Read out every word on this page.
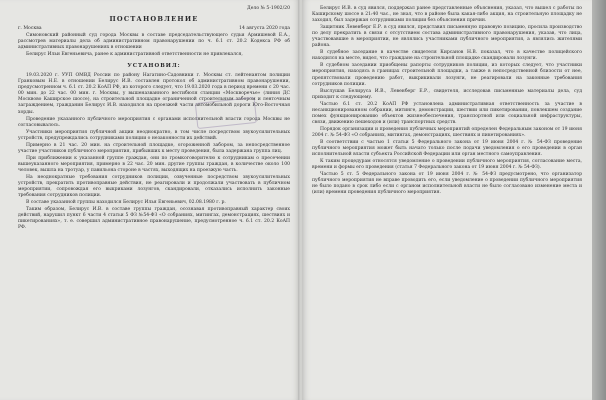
Дело № 5-1902/20

ПОСТАНОВЛЕНИЕ

г. Москва	14 августа 2020 года

Симоновский районный суд города Москвы в составе председательствующего судьи Армишевой Е.А., рассмотрев материалы дела об административном правонарушении по ч. 6.1 ст. 20.2 Кодекса РФ об административных правонарушениях в отношении

Белирус Ильи Евгеньевича, ранее к административной ответственности не привлекался,

УСТАНОВИЛ:

19.03.2020 г. УУП ОМВД России по району Нагатино-Садовники г. Москвы ст. лейтенантом полиции Гранковым Н.Е. в отношении Белирус И.В. составлен протокол об административном правонарушении, предусмотренном ч. 6.1 ст. 20.2 КоАП РФ, из которого следует, что 19.03.2020 года в период времени с 20 час. 00 мин. до 22 час. 00 мин. г. Москвы, у вышеназванного вестибюля станции «Москворечье» (линия ДС Москвово Каширское шоссе), на строительной площадке ограниченной строительным забором и ленточным заграждением, гражданин Белирус И.В. находился на проезжей части автомобильной дороги Юго-Восточная хорды.

Проведение указанного публичного мероприятия с органами исполнительной власти города Москвы не согласовывалось.

Участники мероприятия публичной акции неоднократно, в том числе посредством звукоусилительных устройств, предупреждались сотрудниками полиции о незаконности их действий.

Примерно в 21 час. 20 мин. на строительной площадке, огороженной забором, за непосредственное участие участников публичного мероприятия, прибывших к месту проведения, была задержана группа лиц.

При приближении к указанной группе граждан, они по громкоговорителю к сотрудникам о пресечении вышеуказанного мероприятия, примерно в 22 час. 20 мин. другие группы граждан, в количестве около 100 человек, вышла на тротуар, у павильона стороне в частях, выходящих на проезжую часть.

На неоднократные требования сотрудников полиции, озвученные посредством звукоусилительных устройств, прекратить противоправные действия, не реагировали и продолжали участвовать в публичном мероприятии, сопровождая его выкриками лозунгов, скандировали, отказались исполнить законные требования сотрудников полиции.

В составе указанной группы находился Белирус Илья Евгеньевич, 02.08.1980 г. р.

Таким образом, Белирус И.В. в составе группы граждан, осознавая противоправный характер своих действий, нарушил пункт 6 части 4 статьи 5 ФЗ №54-ФЗ «О собраниях, митингах, демонстрациях, шествиях и пикетированиях», т. е. совершил административное правонарушение, предусмотренное ч. 6.1 ст. 20.2 КоАП РФ.

Белирус И.В. в суд явился, поддержал ранее представленные объяснения, указал, что вышел с работы по Каширскому шоссе в 21:40 час., не знал, что в районе была какая-либо акция, на строительную площадку не заходил, был задержан сотрудниками полиции без объяснения причин.

Защитник Левенберг Е.Р. в суд явился, представил письменную правовую позицию, просила производство по делу прекратить в связи с отсутствием состава административного правонарушения, указав, что лица, участвовавшие в мероприятии, не являлись участниками публичного мероприятия, а являлись жителями района.

В судебное заседание в качестве свидетеля Кирсанов Н.В. показал, что в качестве полицейского находился на месте, видел, что граждане на строительной площадке скандировали лозунги.

В судебном заседании приобщены рапорты сотрудников полиции, из которых следует, что участники мероприятия, находясь в границах строительной площадки, а также в непосредственной близости от нее, препятствовали проведению работ, выкрикивали лозунги, не реагировали на законные требования сотрудников полиции.

Выслушав Белируса И.В., Левенберг Е.Р., свидетеля, исследовав письменные материалы дела, суд приходит к следующему.

Частью 6.1 ст. 20.2 КоАП РФ установлена административная ответственность за участие в несанкционированном собрании, митинге, демонстрации, шествии или пикетировании, повлекшем создание помех функционированию объектов жизнеобеспечения, транспортной или социальной инфраструктуры, связи, движению пешеходов и (или) транспортных средств.

Порядок организации и проведения публичных мероприятий определен Федеральным законом от 19 июня 2004 г. № 54-ФЗ «О собраниях, митингах, демонстрациях, шествиях и пикетированиях».

В соответствии с частью 1 статьи 5 Федерального закона от 19 июня 2004 г. № 54-ФЗ проведение публичного мероприятия может быть начато только после подачи уведомления о его проведении в орган исполнительной власти субъекта Российской Федерации или орган местного самоуправления.

К таким процедурам относятся уведомление о проведении публичного мероприятия, согласование места, времени и формы его проведения (статья 7 Федерального закона от 19 июня 2004 г. № 54-ФЗ).

Частью 5 ст. 5 Федерального закона от 19 июня 2004 г. № 54-ФЗ предусмотрено, что организатор публичного мероприятия не вправе проводить его, если уведомление о проведении публичного мероприятия не было подано в срок либо если с органом исполнительной власти не было согласовано изменение места и (или) времени проведения публичного мероприятия.
